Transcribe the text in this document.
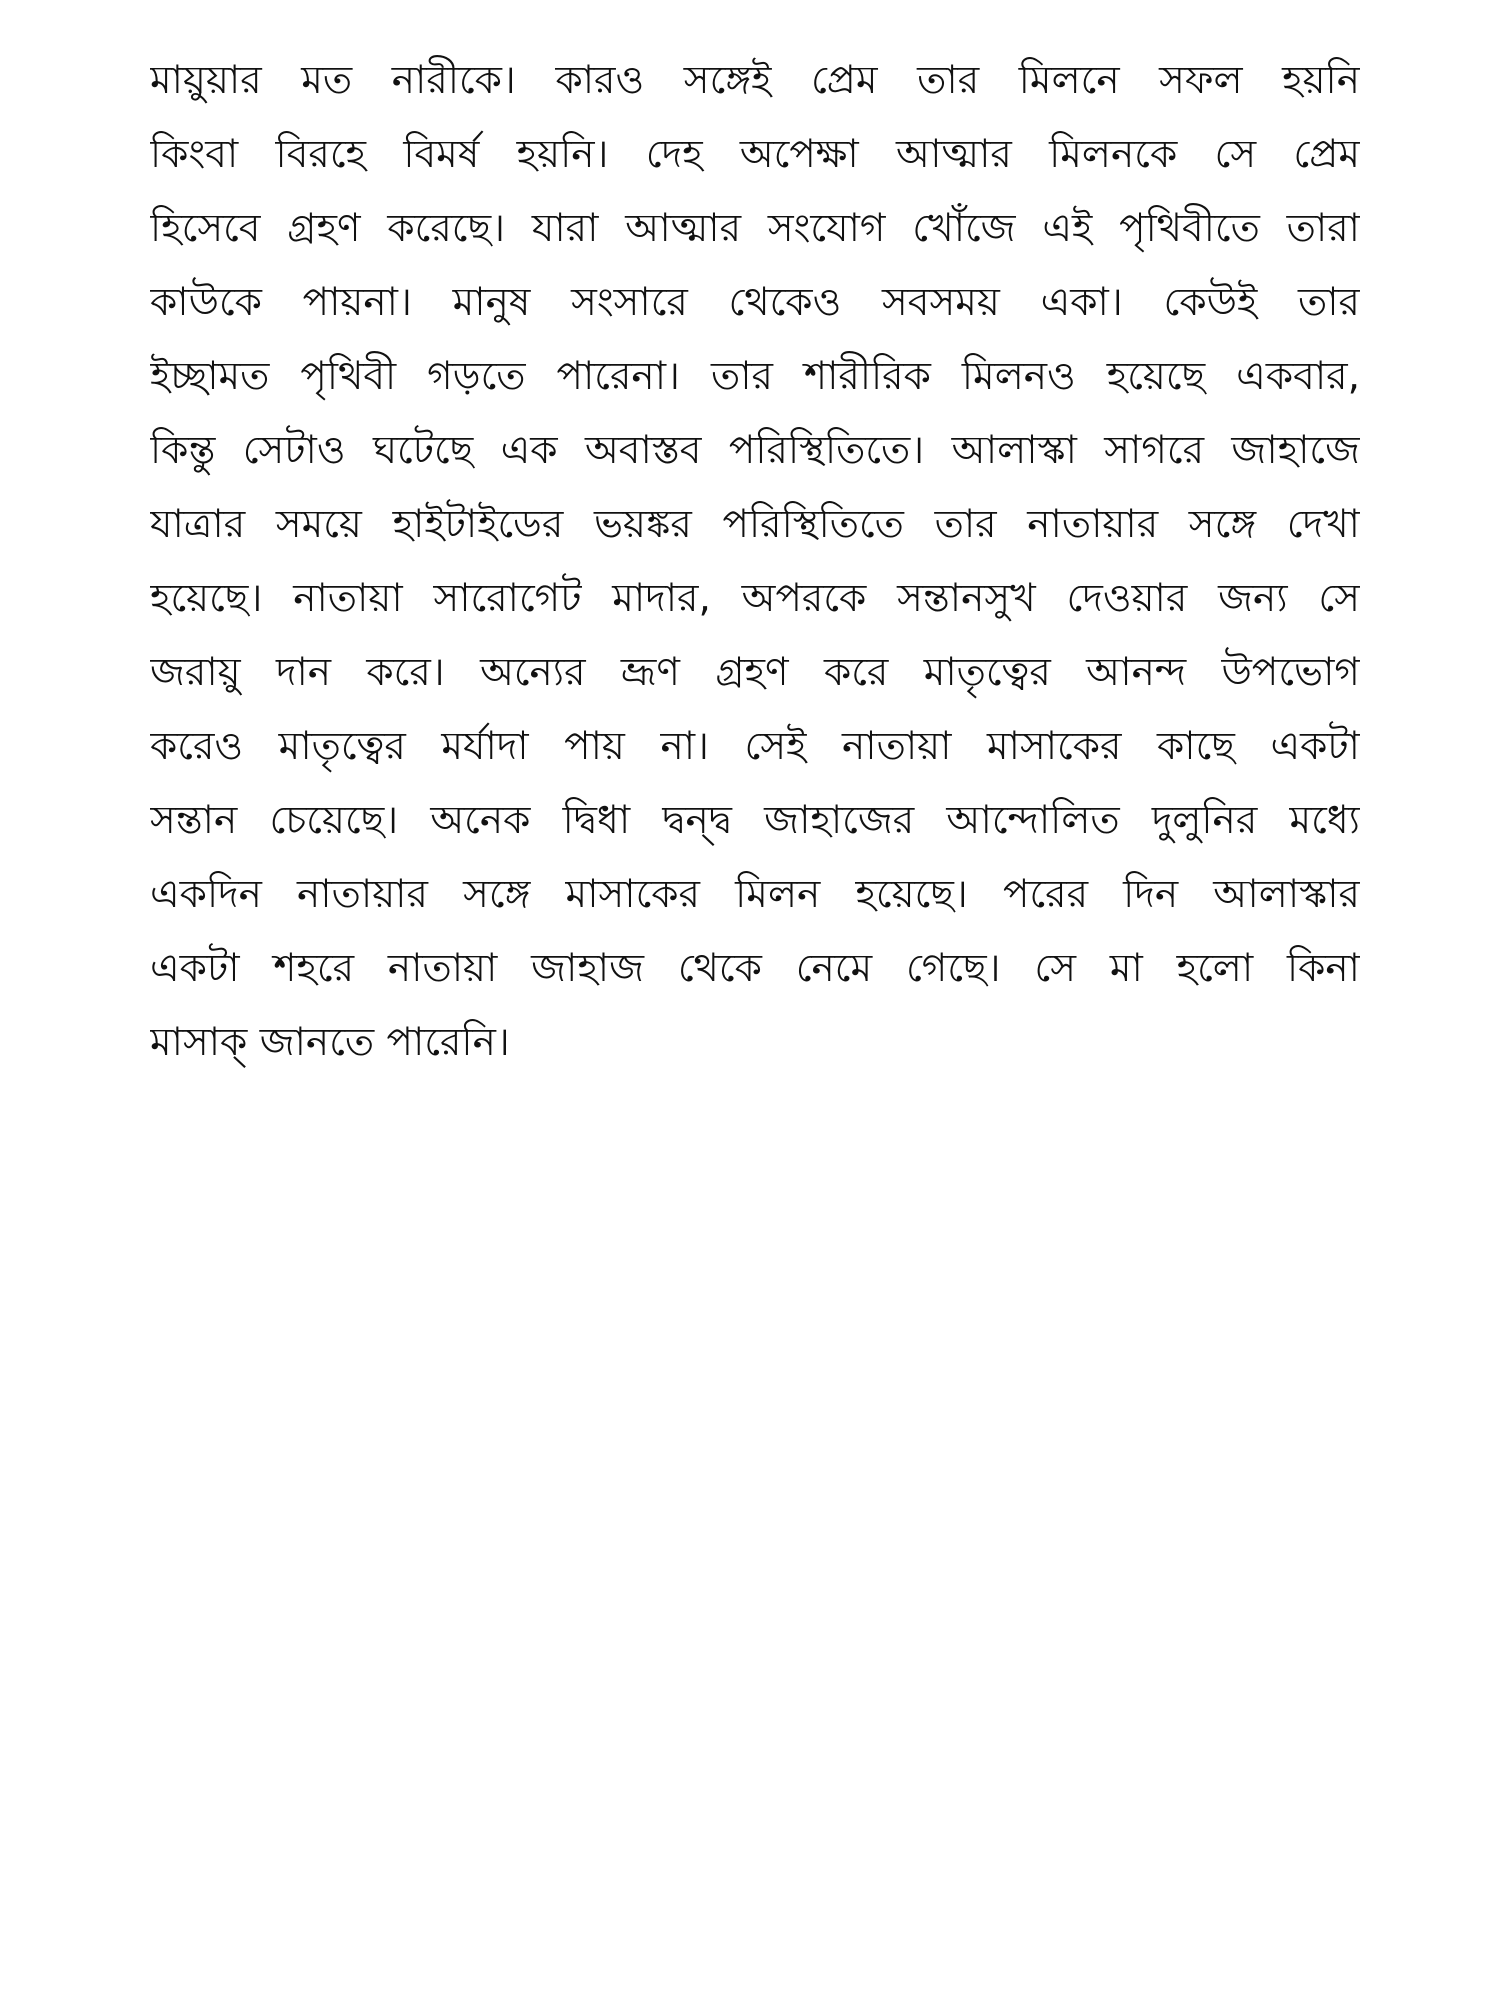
মায়ুয়ার মত নারীকে। কারও সঙ্গেই প্রেম তার মিলনে সফল হয়নি
কিংবা বিরহে বিমর্ষ হয়নি। দেহ অপেক্ষা আত্মার মিলনকে সে প্রেম
হিসেবে গ্রহণ করেছে। যারা আত্মার সংযোগ খোঁজে এই পৃথিবীতে তারা
কাউকে পায়না। মানুষ সংসারে থেকেও সবসময় একা। কেউই তার
ইচ্ছামত পৃথিবী গড়তে পারেনা। তার শারীরিক মিলনও হয়েছে একবার,
কিন্তু সেটাও ঘটেছে এক অবাস্তব পরিস্থিতিতে। আলাস্কা সাগরে জাহাজে
যাত্রার সময়ে হাইটাইডের ভয়ঙ্কর পরিস্থিতিতে তার নাতায়ার সঙ্গে দেখা
হয়েছে। নাতায়া সারোগেট মাদার, অপরকে সন্তানসুখ দেওয়ার জন্য সে
জরায়ু দান করে। অন্যের ভ্রূণ গ্রহণ করে মাতৃত্বের আনন্দ উপভোগ
করেও মাতৃত্বের মর্যাদা পায় না। সেই নাতায়া মাসাকের কাছে একটা
সন্তান চেয়েছে। অনেক দ্বিধা দ্বন্দ্ব জাহাজের আন্দোলিত দুলুনির মধ্যে
একদিন নাতায়ার সঙ্গে মাসাকের মিলন হয়েছে। পরের দিন আলাস্কার
একটা শহরে নাতায়া জাহাজ থেকে নেমে গেছে। সে মা হলো কিনা
মাসাক্ জানতে পারেনি।
